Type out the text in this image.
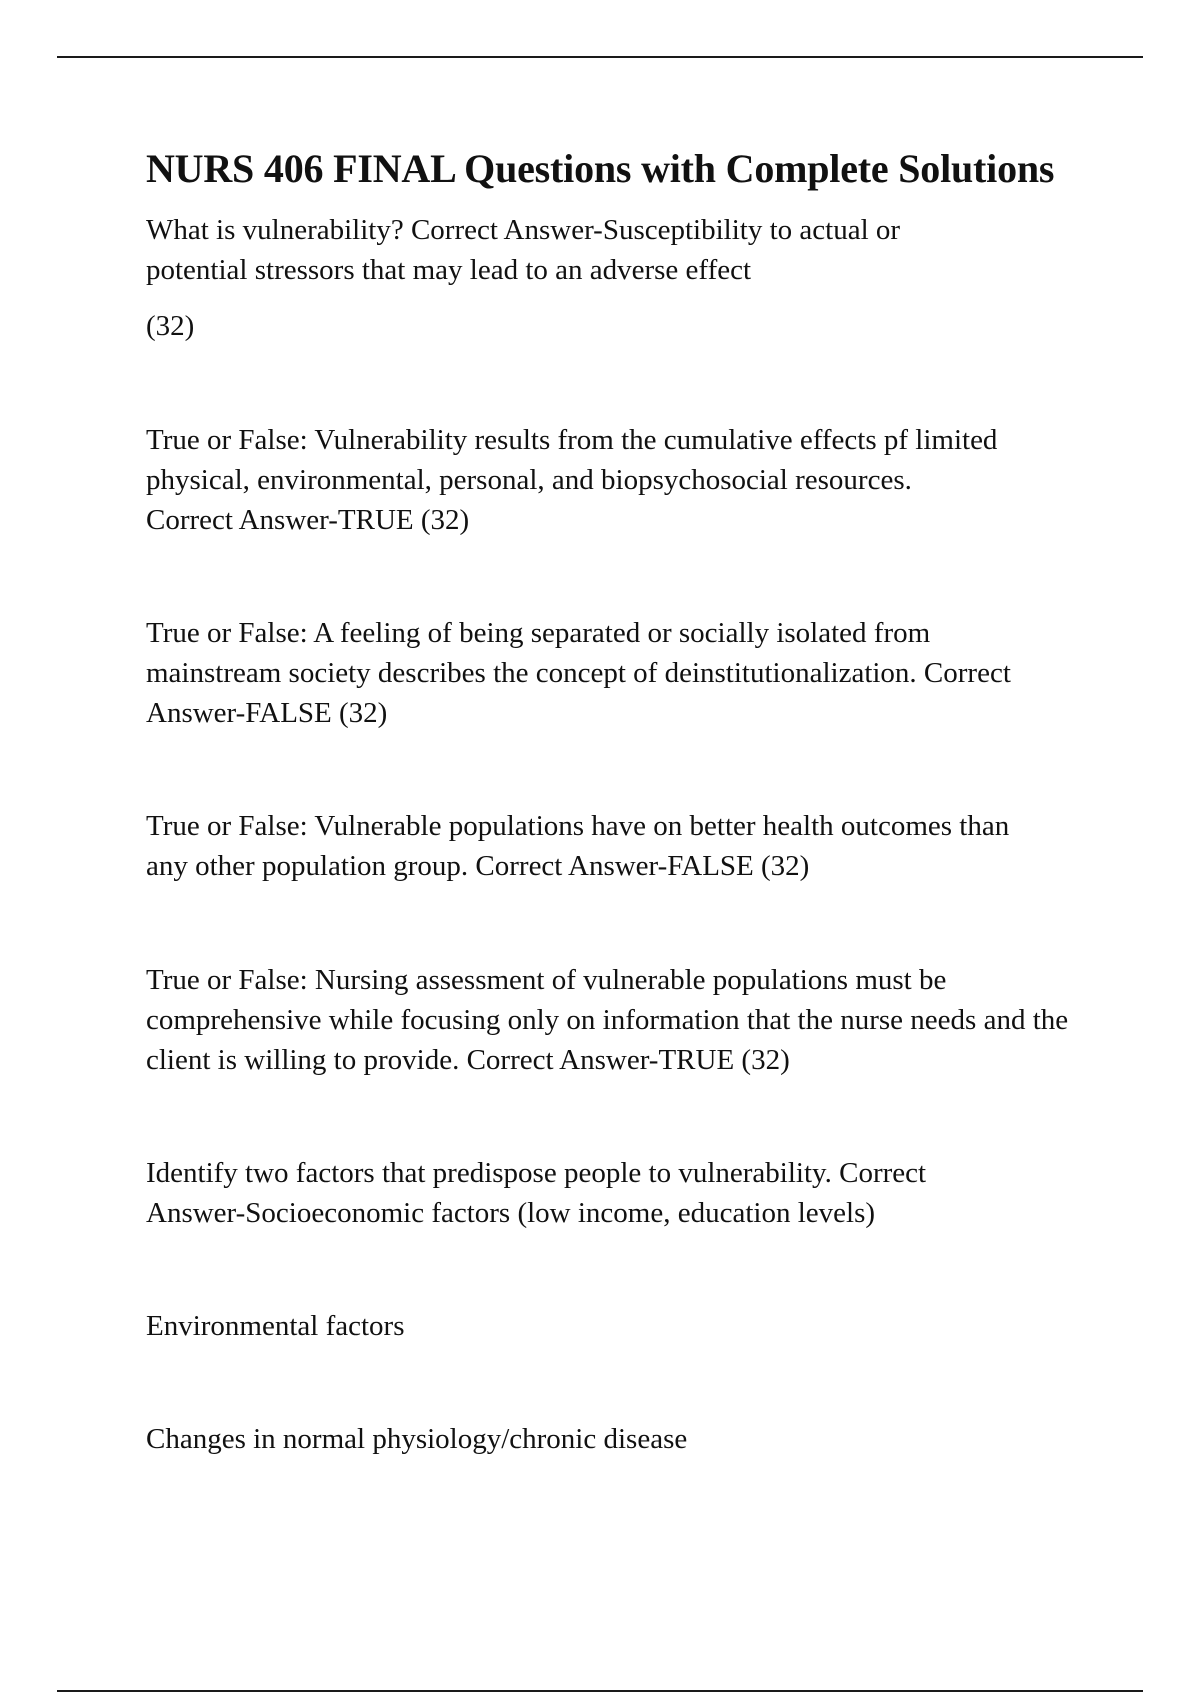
NURS 406 FINAL Questions with Complete Solutions

What is vulnerability? Correct Answer-Susceptibility to actual or potential stressors that may lead to an adverse effect

(32)

True or False: Vulnerability results from the cumulative effects pf limited physical, environmental, personal, and biopsychosocial resources. Correct Answer-TRUE (32)

True or False: A feeling of being separated or socially isolated from mainstream society describes the concept of deinstitutionalization. Correct Answer-FALSE (32)

True or False: Vulnerable populations have on better health outcomes than any other population group. Correct Answer-FALSE (32)

True or False: Nursing assessment of vulnerable populations must be comprehensive while focusing only on information that the nurse needs and the client is willing to provide. Correct Answer-TRUE (32)

Identify two factors that predispose people to vulnerability. Correct Answer-Socioeconomic factors (low income, education levels)

Environmental factors

Changes in normal physiology/chronic disease
